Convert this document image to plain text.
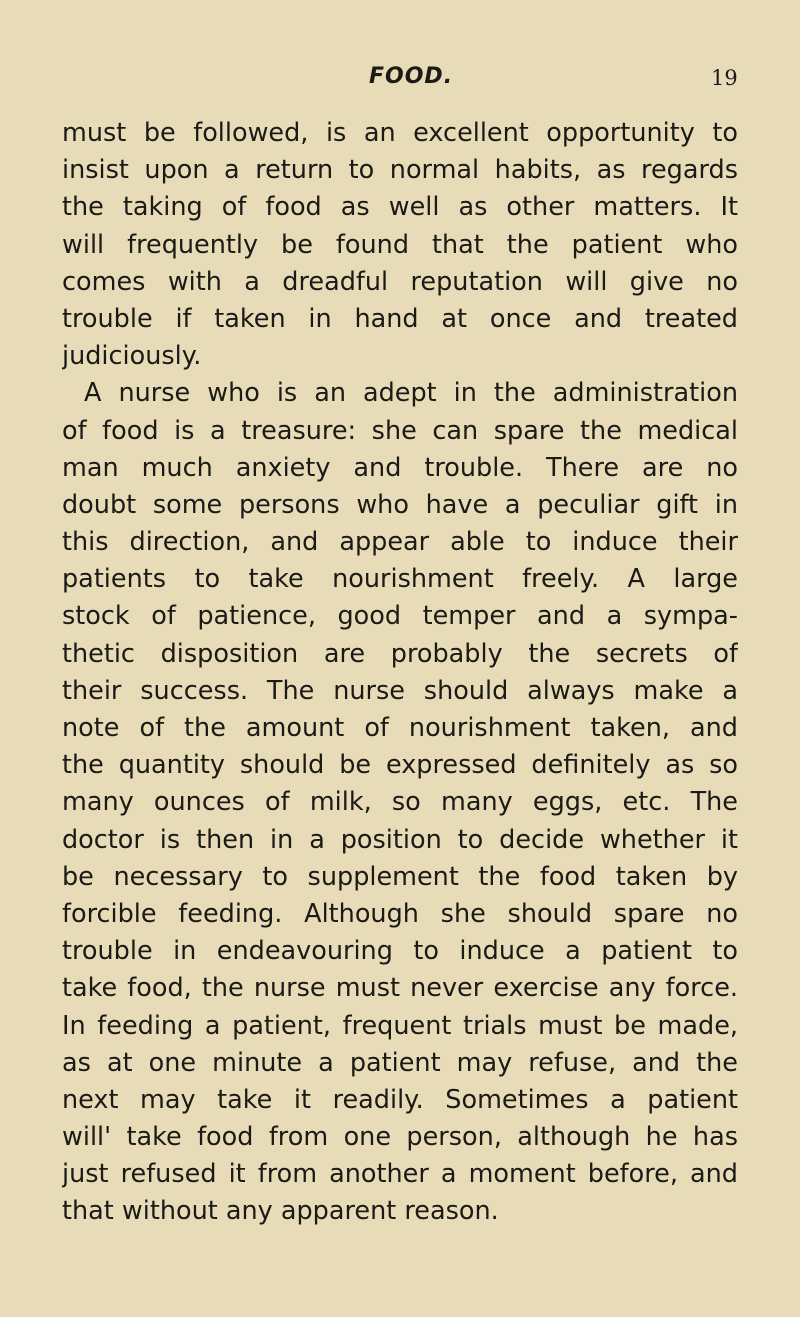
FOOD.	19
must be followed, is an excellent opportunity to
insist upon a return to normal habits, as regards
the taking of food as well as other matters. It
will frequently be found that the patient who
comes with a dreadful reputation will give no
trouble if taken in hand at once and treated
judiciously.
A nurse who is an adept in the administration
of food is a treasure: she can spare the medical
man much anxiety and trouble. There are no
doubt some persons who have a peculiar gift in
this direction, and appear able to induce their
patients to take nourishment freely. A large
stock of patience, good temper and a sympa-
thetic disposition are probably the secrets of
their success. The nurse should always make a
note of the amount of nourishment taken, and
the quantity should be expressed definitely as so
many ounces of milk, so many eggs, etc. The
doctor is then in a position to decide whether it
be necessary to supplement the food taken by
forcible feeding. Although she should spare no
trouble in endeavouring to induce a patient to
take food, the nurse must never exercise any force.
In feeding a patient, frequent trials must be made,
as at one minute a patient may refuse, and the
next may take it readily. Sometimes a patient
will' take food from one person, although he has
just refused it from another a moment before, and
that without any apparent reason.
